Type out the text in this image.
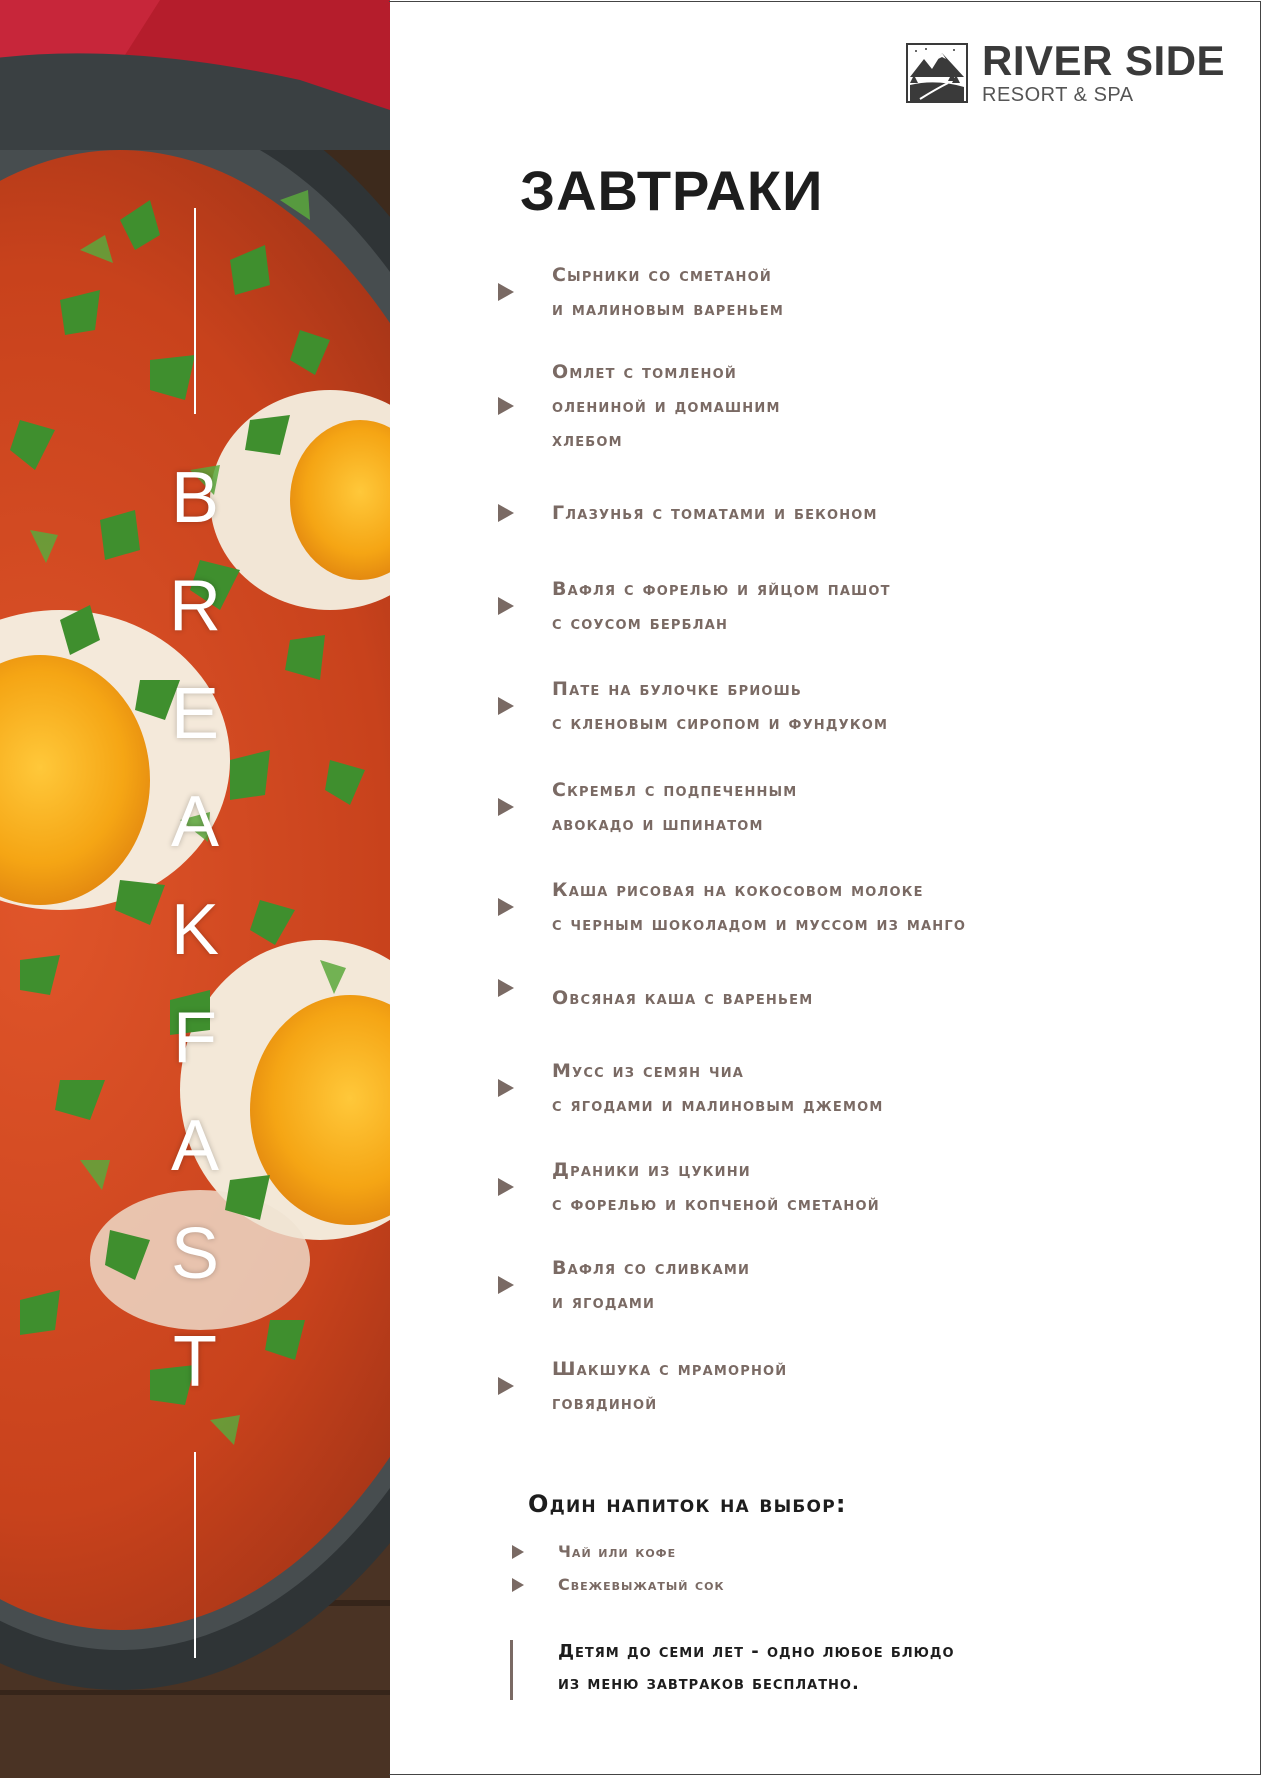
B
R
E
A
K
F
A
S
T
RIVER SIDE
RESORT & SPA
ЗАВТРАКИ
Сырники со сметаной
и малиновым вареньем
Омлет с томленой
олениной и домашним
хлебом
Глазунья с томатами и беконом
Вафля с форелью и яйцом пашот
с соусом берблан
Пате на булочке бриошь
с кленовым сиропом и фундуком
Скрембл с подпеченным
авокадо и шпинатом
Каша рисовая на кокосовом молоке
с черным шоколадом и муссом из манго
Овсяная каша с вареньем
Мусс из семян чиа
с ягодами и малиновым джемом
Драники из цукини
с форелью и копченой сметаной
Вафля со сливками
и ягодами
Шакшука с мраморной
говядиной
Один напиток на выбор:
Чай или кофе
Свежевыжатый сок
Детям до семи лет - одно любое блюдо
из меню завтраков бесплатно.
